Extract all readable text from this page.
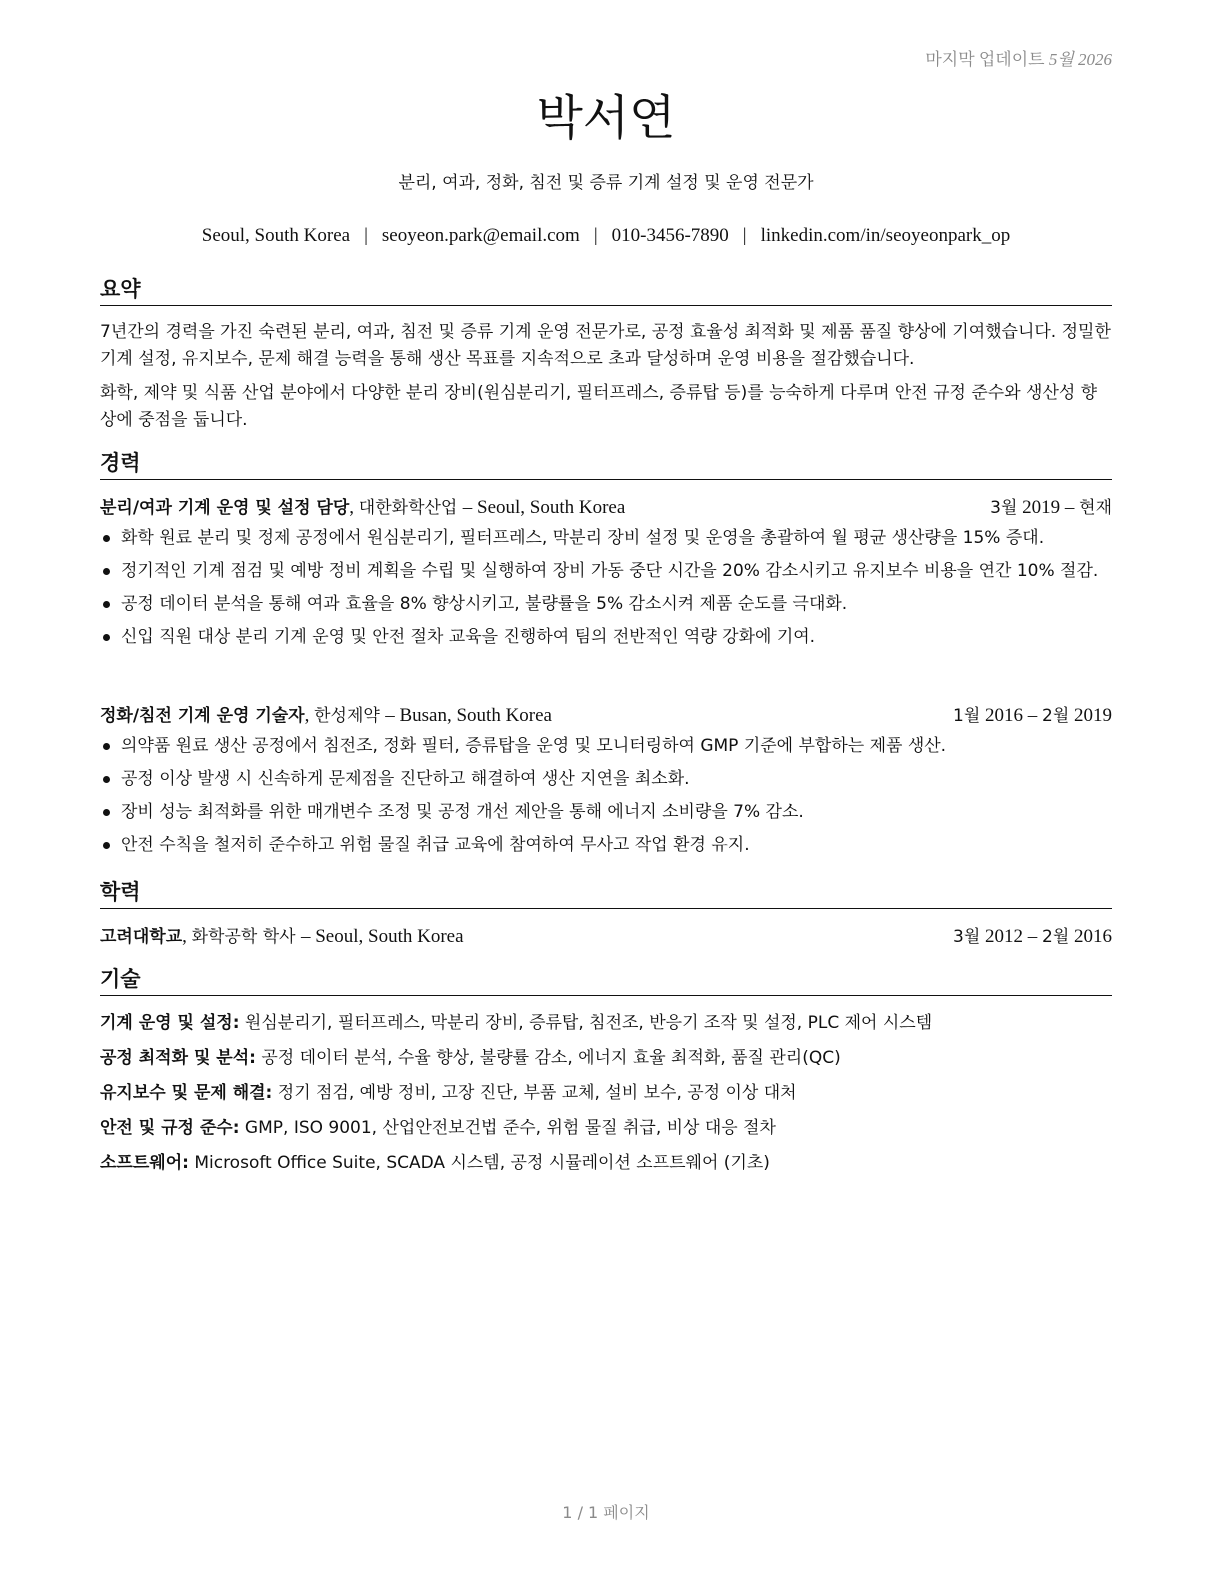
마지막 업데이트 5월 2026
박서연
분리, 여과, 정화, 침전 및 증류 기계 설정 및 운영 전문가
Seoul, South Korea | seoyeon.park@email.com | 010-3456-7890 | linkedin.com/in/seoyeonpark_op
요약

7년간의 경력을 가진 숙련된 분리, 여과, 침전 및 증류 기계 운영 전문가로, 공정 효율성 최적화 및 제품 품질 향상에 기여했습니다. 정밀한 기계 설정, 유지보수, 문제 해결 능력을 통해 생산 목표를 지속적으로 초과 달성하며 운영 비용을 절감했습니다.

화학, 제약 및 식품 산업 분야에서 다양한 분리 장비(원심분리기, 필터프레스, 증류탑 등)를 능숙하게 다루며 안전 규정 준수와 생산성 향상에 중점을 둡니다.

경력
분리/여과 기계 운영 및 설정 담당, 대한화학산업 – Seoul, South Korea	3월 2019 – 현재
화학 원료 분리 및 정제 공정에서 원심분리기, 필터프레스, 막분리 장비 설정 및 운영을 총괄하여 월 평균 생산량을 15% 증대.
정기적인 기계 점검 및 예방 정비 계획을 수립 및 실행하여 장비 가동 중단 시간을 20% 감소시키고 유지보수 비용을 연간 10% 절감.
공정 데이터 분석을 통해 여과 효율을 8% 향상시키고, 불량률을 5% 감소시켜 제품 순도를 극대화.
신입 직원 대상 분리 기계 운영 및 안전 절차 교육을 진행하여 팀의 전반적인 역량 강화에 기여.
정화/침전 기계 운영 기술자, 한성제약 – Busan, South Korea	1월 2016 – 2월 2019
의약품 원료 생산 공정에서 침전조, 정화 필터, 증류탑을 운영 및 모니터링하여 GMP 기준에 부합하는 제품 생산.
공정 이상 발생 시 신속하게 문제점을 진단하고 해결하여 생산 지연을 최소화.
장비 성능 최적화를 위한 매개변수 조정 및 공정 개선 제안을 통해 에너지 소비량을 7% 감소.
안전 수칙을 철저히 준수하고 위험 물질 취급 교육에 참여하여 무사고 작업 환경 유지.
학력
고려대학교, 화학공학 학사 – Seoul, South Korea	3월 2012 – 2월 2016
기술
기계 운영 및 설정: 원심분리기, 필터프레스, 막분리 장비, 증류탑, 침전조, 반응기 조작 및 설정, PLC 제어 시스템
공정 최적화 및 분석: 공정 데이터 분석, 수율 향상, 불량률 감소, 에너지 효율 최적화, 품질 관리(QC)
유지보수 및 문제 해결: 정기 점검, 예방 정비, 고장 진단, 부품 교체, 설비 보수, 공정 이상 대처
안전 및 규정 준수: GMP, ISO 9001, 산업안전보건법 준수, 위험 물질 취급, 비상 대응 절차
소프트웨어: Microsoft Office Suite, SCADA 시스템, 공정 시뮬레이션 소프트웨어 (기초)
1 / 1 페이지
